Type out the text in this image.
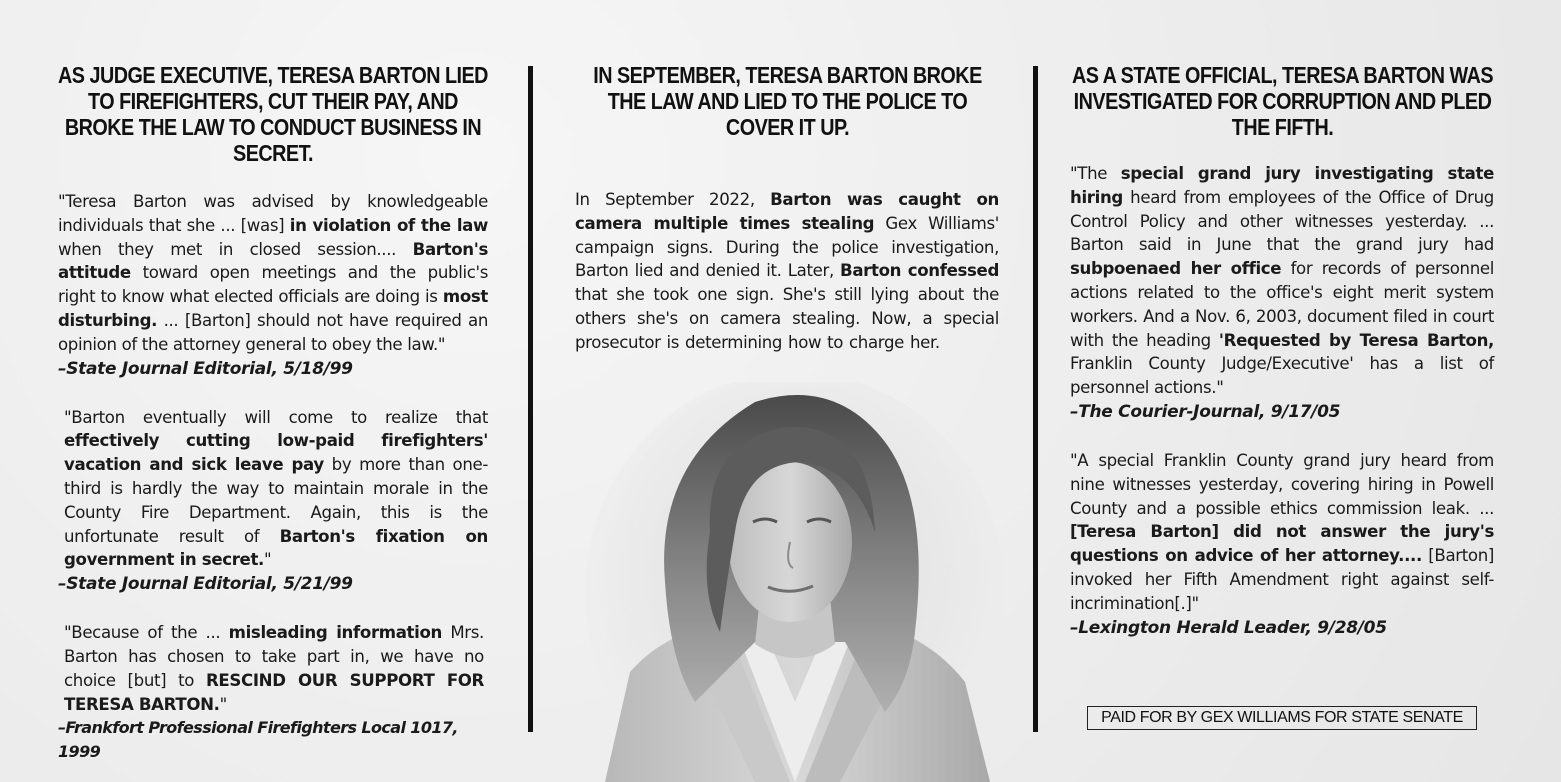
AS JUDGE EXECUTIVE, TERESA BARTON LIED TO FIREFIGHTERS, CUT THEIR PAY, AND BROKE THE LAW TO CONDUCT BUSINESS IN SECRET.

"Teresa Barton was advised by knowledgeable individuals that she ... [was] in violation of the law when they met in closed session.... Barton's attitude toward open meetings and the public's right to know what elected officials are doing is most disturbing. ... [Barton] should not have required an opinion of the attorney general to obey the law."

–State Journal Editorial, 5/18/99

"Barton eventually will come to realize that effectively cutting low-paid firefighters' vacation and sick leave pay by more than one-third is hardly the way to maintain morale in the County Fire Department. Again, this is the unfortunate result of Barton's fixation on government in secret."

–State Journal Editorial, 5/21/99

"Because of the ... misleading information Mrs. Barton has chosen to take part in, we have no choice [but] to RESCIND OUR SUPPORT FOR TERESA BARTON."

–Frankfort Professional Firefighters Local 1017, 1999

IN SEPTEMBER, TERESA BARTON BROKE THE LAW AND LIED TO THE POLICE TO COVER IT UP.

In September 2022, Barton was caught on camera multiple times stealing Gex Williams' campaign signs. During the police investigation, Barton lied and denied it. Later, Barton confessed that she took one sign. She's still lying about the others she's on camera stealing. Now, a special prosecutor is determining how to charge her.

AS A STATE OFFICIAL, TERESA BARTON WAS INVESTIGATED FOR CORRUPTION AND PLED THE FIFTH.

"The special grand jury investigating state hiring heard from employees of the Office of Drug Control Policy and other witnesses yesterday. ... Barton said in June that the grand jury had subpoenaed her office for records of personnel actions related to the office's eight merit system workers. And a Nov. 6, 2003, document filed in court with the heading 'Requested by Teresa Barton, Franklin County Judge/Executive' has a list of personnel actions."

–The Courier-Journal, 9/17/05

"A special Franklin County grand jury heard from nine witnesses yesterday, covering hiring in Powell County and a possible ethics commission leak. ... [Teresa Barton] did not answer the jury's questions on advice of her attorney.... [Barton] invoked her Fifth Amendment right against self-incrimination[.]"

–Lexington Herald Leader, 9/28/05

PAID FOR BY GEX WILLIAMS FOR STATE SENATE
